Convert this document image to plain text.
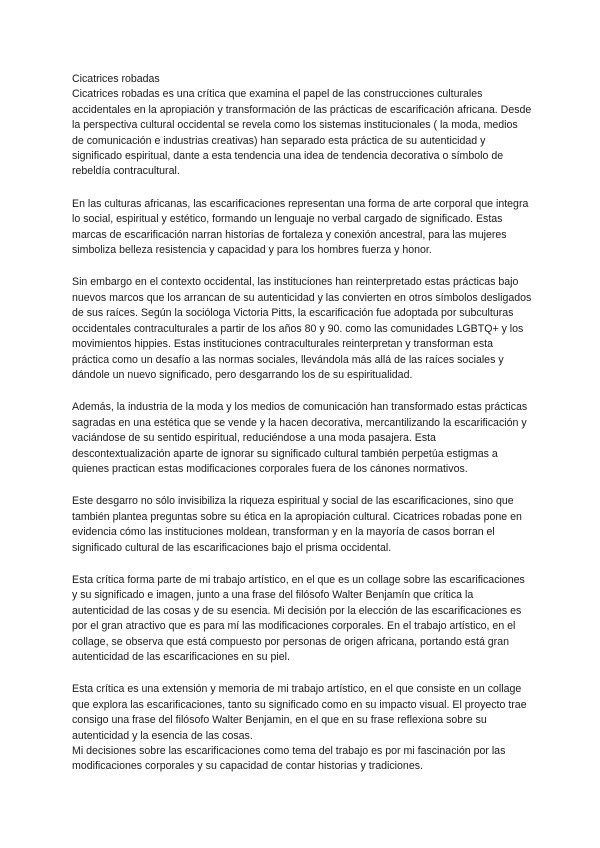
Cicatrices robadas

Cicatrices robadas es una crítica que examina el papel de las construcciones culturales accidentales en la apropiación y transformación de las prácticas de escarificación africana. Desde la perspectiva cultural occidental se revela como los sistemas institucionales ( la moda, medios de comunicación e industrias creativas) han separado esta práctica de su autenticidad y significado espiritual, dante a esta tendencia una idea de tendencia decorativa o símbolo de rebeldía contracultural.

En las culturas africanas, las escarificaciones representan una forma de arte corporal que integra lo social, espiritual y estético, formando un lenguaje no verbal cargado de significado. Estas marcas de escarificación narran historias de fortaleza y conexión ancestral, para las mujeres simboliza belleza resistencia y capacidad y para los hombres fuerza y honor.

Sin embargo en el contexto occidental, las instituciones han reinterpretado estas prácticas bajo nuevos marcos que los arrancan de su autenticidad y las convierten en otros símbolos desligados de sus raíces. Según la socióloga Victoria Pitts, la escarificación fue adoptada por subculturas occidentales contraculturales a partir de los años 80 y 90. como las comunidades LGBTQ+ y los movimientos hippies. Estas instituciones contraculturales reinterpretan y transforman esta práctica como un desafío a las normas sociales, llevándola más allá de las raíces sociales y dándole un nuevo significado, pero desgarrando los de su espiritualidad.

Además, la industria de la moda y los medios de comunicación han transformado estas prácticas sagradas en una estética que se vende y la hacen decorativa, mercantilizando la escarificación y vaciándose de su sentido espiritual, reduciéndose a una moda pasajera. Esta descontextualización aparte de ignorar su significado cultural también perpetúa estigmas a quienes practican estas modificaciones corporales fuera de los cánones normativos.

Este desgarro no sólo invisibiliza la riqueza espiritual y social de las escarificaciones, sino que también plantea preguntas sobre su ética en la apropiación cultural. Cicatrices robadas pone en evidencia cómo las instituciones moldean, transforman y en la mayoría de casos borran el significado cultural de las escarificaciones bajo el prisma occidental.

Esta crítica forma parte de mi trabajo artístico, en el que es un collage sobre las escarificaciones y su significado e imagen, junto a una frase del filósofo Walter Benjamín que crítica la autenticidad de las cosas y de su esencia. Mi decisión por la elección de las escarificaciones es por el gran atractivo que es para mí las modificaciones corporales. En el trabajo artístico, en el collage, se observa que está compuesto por personas de origen africana, portando está gran autenticidad de las escarificaciones en su piel.

Esta crítica es una extensión y memoria de mi trabajo artístico, en el que consiste en un collage que explora las escarificaciones, tanto su significado como en su impacto visual. El proyecto trae consigo una frase del filósofo Walter Benjamin, en el que en su frase reflexiona sobre su autenticidad y la esencia de las cosas.

Mi decisiones sobre las escarificaciones como tema del trabajo es por mi fascinación por las modificaciones corporales y su capacidad de contar historias y tradiciones.
